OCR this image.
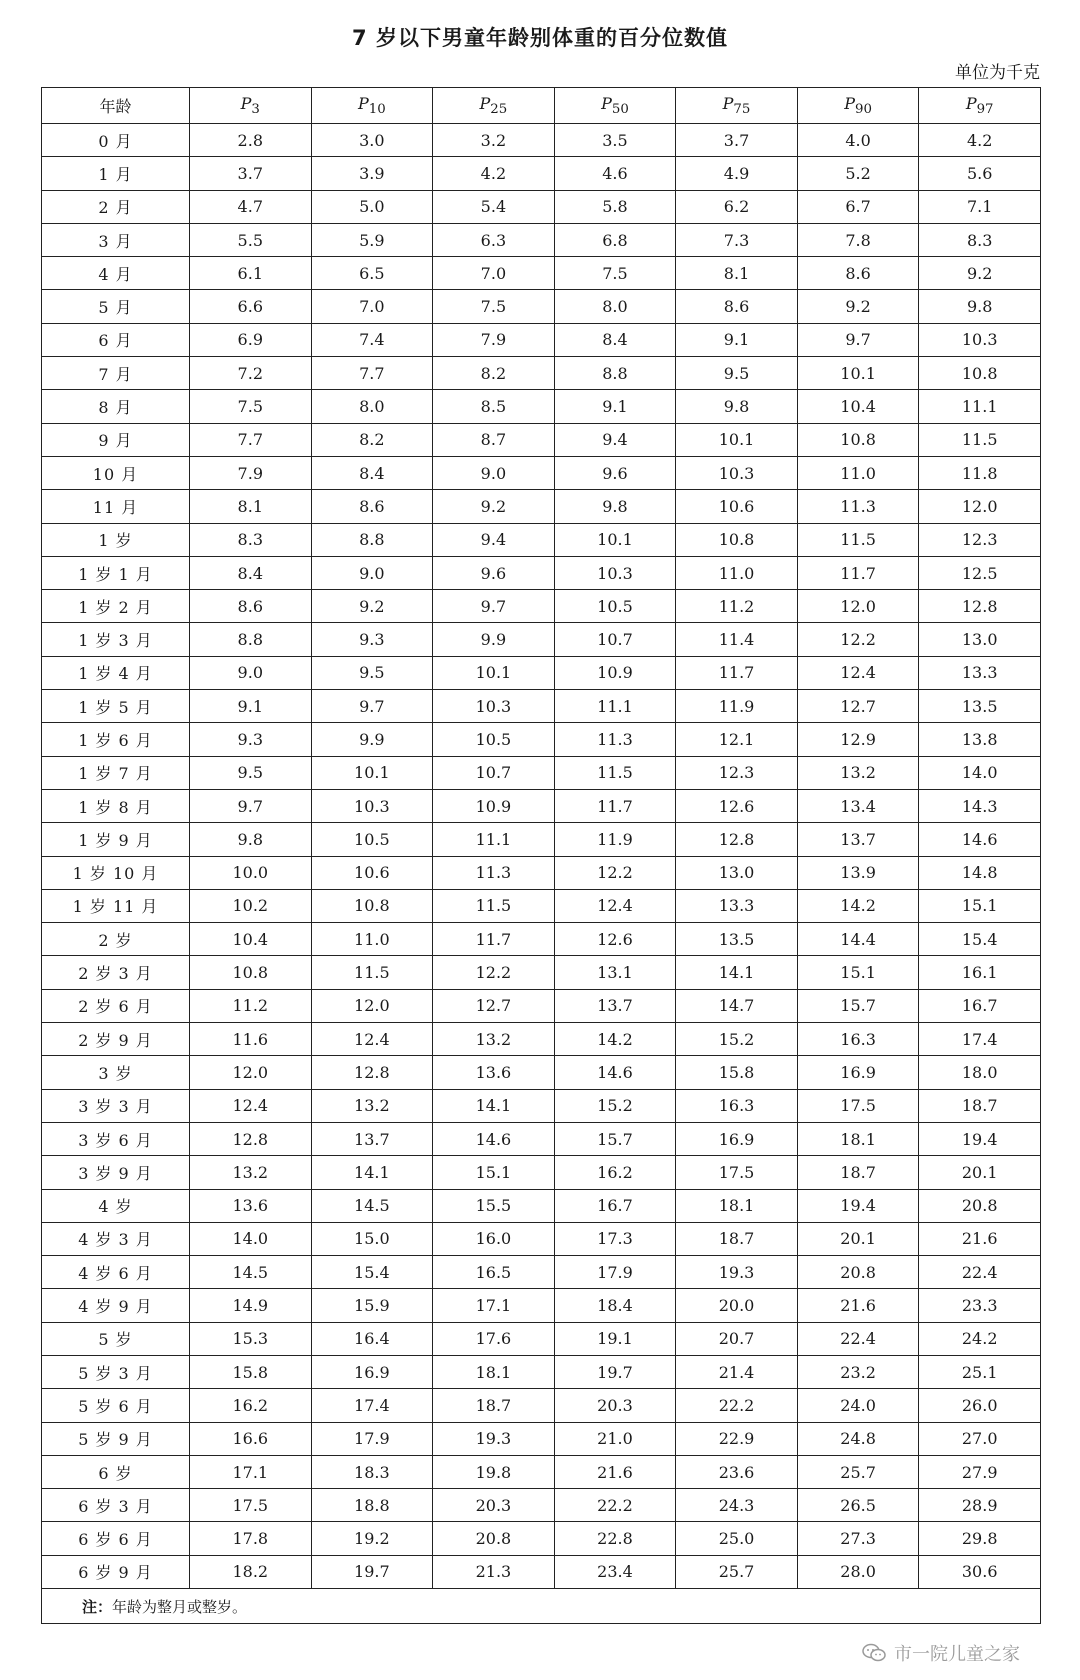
7 岁以下男童年龄别体重的百分位数值
单位为千克
年龄	$P_3$	$P_{10}$	$P_{25}$	$P_{50}$	$P_{75}$	$P_{90}$	$P_{97}$
0 月	2.8	3.0	3.2	3.5	3.7	4.0	4.2
1 月	3.7	3.9	4.2	4.6	4.9	5.2	5.6
2 月	4.7	5.0	5.4	5.8	6.2	6.7	7.1
3 月	5.5	5.9	6.3	6.8	7.3	7.8	8.3
4 月	6.1	6.5	7.0	7.5	8.1	8.6	9.2
5 月	6.6	7.0	7.5	8.0	8.6	9.2	9.8
6 月	6.9	7.4	7.9	8.4	9.1	9.7	10.3
7 月	7.2	7.7	8.2	8.8	9.5	10.1	10.8
8 月	7.5	8.0	8.5	9.1	9.8	10.4	11.1
9 月	7.7	8.2	8.7	9.4	10.1	10.8	11.5
10 月	7.9	8.4	9.0	9.6	10.3	11.0	11.8
11 月	8.1	8.6	9.2	9.8	10.6	11.3	12.0
1 岁	8.3	8.8	9.4	10.1	10.8	11.5	12.3
1 岁 1 月	8.4	9.0	9.6	10.3	11.0	11.7	12.5
1 岁 2 月	8.6	9.2	9.7	10.5	11.2	12.0	12.8
1 岁 3 月	8.8	9.3	9.9	10.7	11.4	12.2	13.0
1 岁 4 月	9.0	9.5	10.1	10.9	11.7	12.4	13.3
1 岁 5 月	9.1	9.7	10.3	11.1	11.9	12.7	13.5
1 岁 6 月	9.3	9.9	10.5	11.3	12.1	12.9	13.8
1 岁 7 月	9.5	10.1	10.7	11.5	12.3	13.2	14.0
1 岁 8 月	9.7	10.3	10.9	11.7	12.6	13.4	14.3
1 岁 9 月	9.8	10.5	11.1	11.9	12.8	13.7	14.6
1 岁 10 月	10.0	10.6	11.3	12.2	13.0	13.9	14.8
1 岁 11 月	10.2	10.8	11.5	12.4	13.3	14.2	15.1
2 岁	10.4	11.0	11.7	12.6	13.5	14.4	15.4
2 岁 3 月	10.8	11.5	12.2	13.1	14.1	15.1	16.1
2 岁 6 月	11.2	12.0	12.7	13.7	14.7	15.7	16.7
2 岁 9 月	11.6	12.4	13.2	14.2	15.2	16.3	17.4
3 岁	12.0	12.8	13.6	14.6	15.8	16.9	18.0
3 岁 3 月	12.4	13.2	14.1	15.2	16.3	17.5	18.7
3 岁 6 月	12.8	13.7	14.6	15.7	16.9	18.1	19.4
3 岁 9 月	13.2	14.1	15.1	16.2	17.5	18.7	20.1
4 岁	13.6	14.5	15.5	16.7	18.1	19.4	20.8
4 岁 3 月	14.0	15.0	16.0	17.3	18.7	20.1	21.6
4 岁 6 月	14.5	15.4	16.5	17.9	19.3	20.8	22.4
4 岁 9 月	14.9	15.9	17.1	18.4	20.0	21.6	23.3
5 岁	15.3	16.4	17.6	19.1	20.7	22.4	24.2
5 岁 3 月	15.8	16.9	18.1	19.7	21.4	23.2	25.1
5 岁 6 月	16.2	17.4	18.7	20.3	22.2	24.0	26.0
5 岁 9 月	16.6	17.9	19.3	21.0	22.9	24.8	27.0
6 岁	17.1	18.3	19.8	21.6	23.6	25.7	27.9
6 岁 3 月	17.5	18.8	20.3	22.2	24.3	26.5	28.9
6 岁 6 月	17.8	19.2	20.8	22.8	25.0	27.3	29.8
6 岁 9 月	18.2	19.7	21.3	23.4	25.7	28.0	30.6
注：年龄为整月或整岁。							
市一院儿童之家
